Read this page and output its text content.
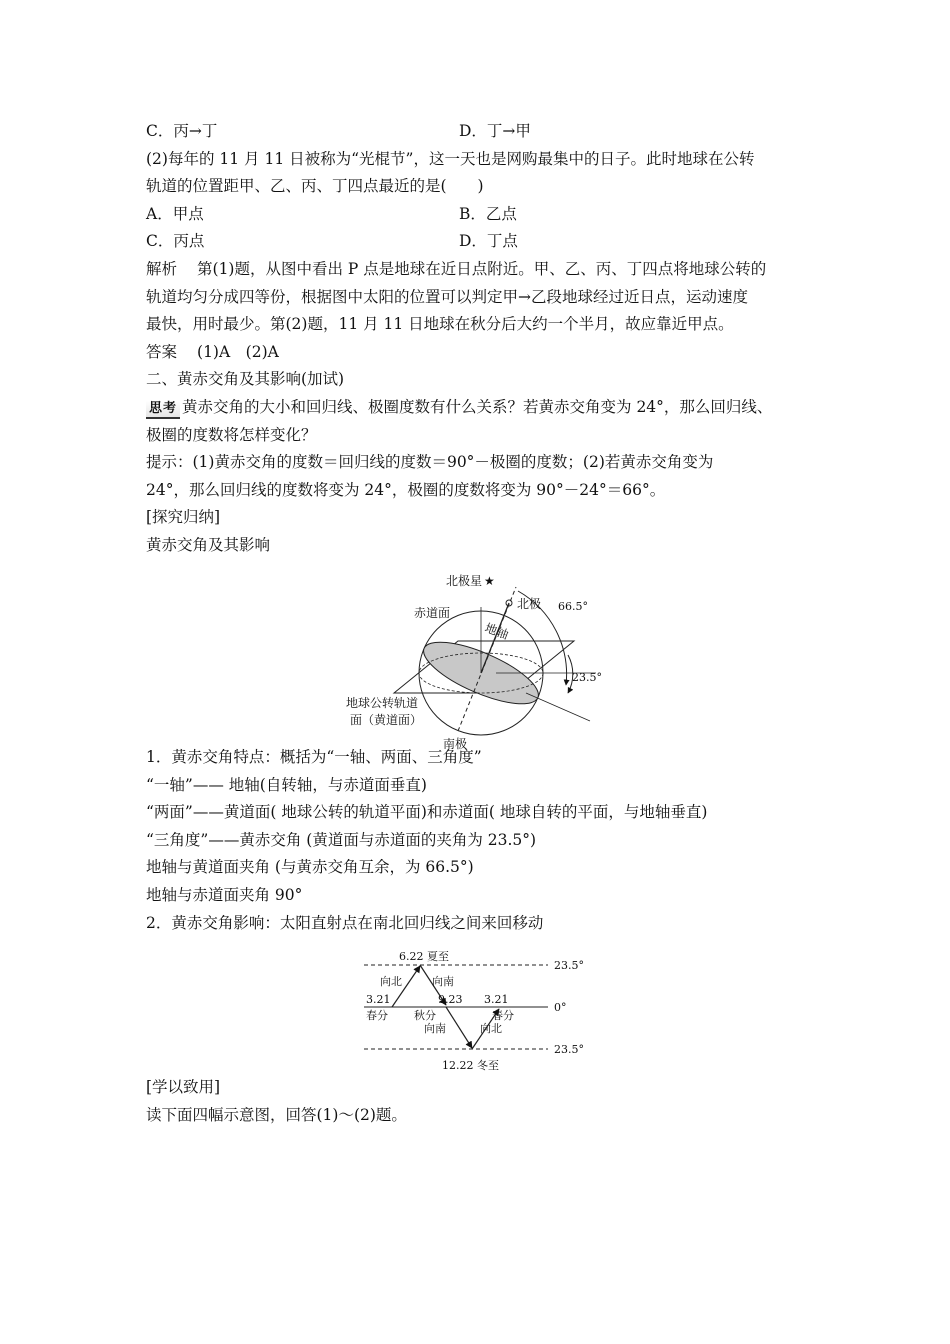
C．丙→丁	D．丁→甲
(2)每年的 11 月 11 日被称为“光棍节”，这一天也是网购最集中的日子。此时地球在公转
轨道的位置距甲、乙、丙、丁四点最近的是(　　)
A．甲点	B．乙点
C．丙点	D．丁点
解析 第(1)题，从图中看出 P 点是地球在近日点附近。甲、乙、丙、丁四点将地球公转的
轨道均匀分成四等份，根据图中太阳的位置可以判定甲→乙段地球经过近日点，运动速度
最快，用时最少。第(2)题，11 月 11 日地球在秋分后大约一个半月，故应靠近甲点。
答案 (1)A　(2)A
二、黄赤交角及其影响(加试)
思考 黄赤交角的大小和回归线、极圈度数有什么关系？若黄赤交角变为 24°，那么回归线、
极圈的度数将怎样变化？
提示：(1)黄赤交角的度数＝回归线的度数＝90°－极圈的度数；(2)若黄赤交角变为
24°，那么回归线的度数将变为 24°，极圈的度数将变为 90°－24°＝66°。
[探究归纳]
黄赤交角及其影响
北极星 ★
赤道面
地轴
北极 66.5°
23.5°
地球公转轨道
面（黄道面）
南极
1．黄赤交角特点：概括为“一轴、两面、三角度”
“一轴”—— 地轴(自转轴，与赤道面垂直)
“两面”——黄道面( 地球公转的轨道平面)和赤道面( 地球自转的平面，与地轴垂直)
“三角度”——黄赤交角 (黄道面与赤道面的夹角为 23.5°)
地轴与黄道面夹角 (与黄赤交角互余，为 66.5°)
地轴与赤道面夹角 90°
2．黄赤交角影响：太阳直射点在南北回归线之间来回移动
6.22 夏至
12.22 冬至
23.5°
0°
23.5°
向北	向南
向南	向北
3.21	9.23 3.21
春分 秋分	春分
[学以致用]
读下面四幅示意图，回答(1)～(2)题。
